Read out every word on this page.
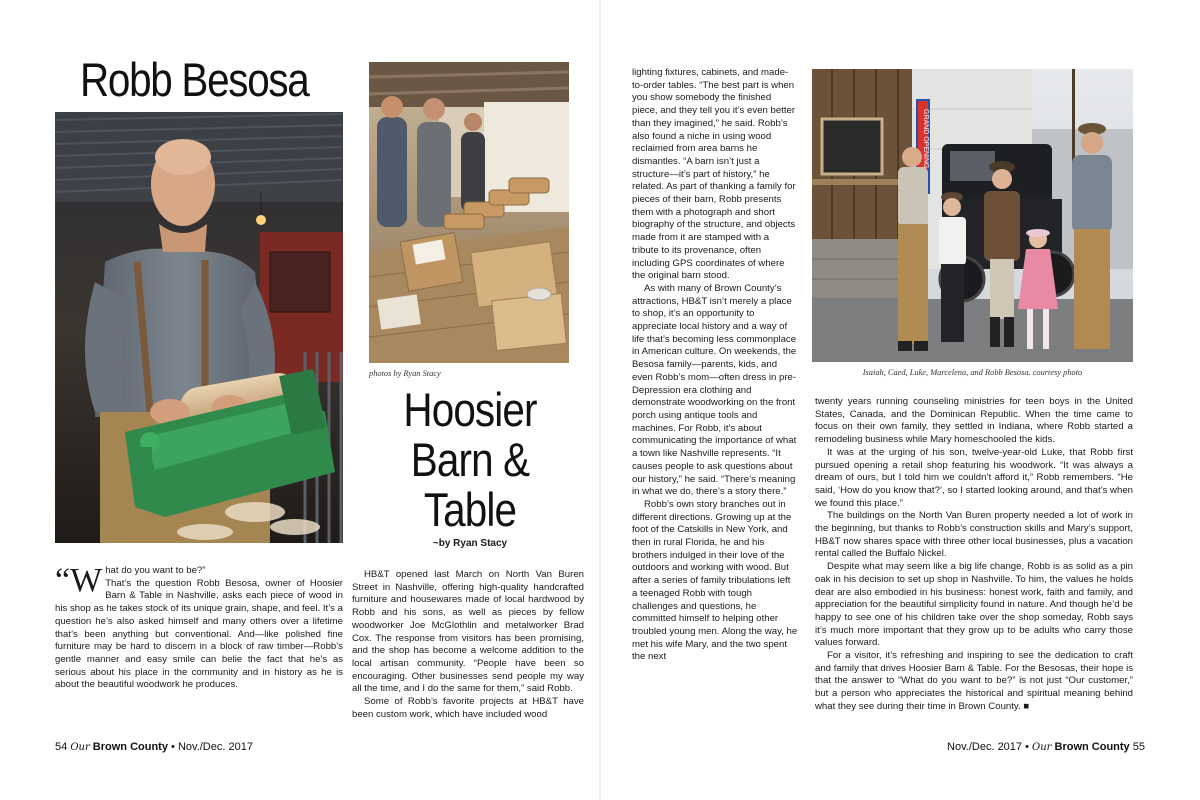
Robb Besosa
photos by Ryan Stacy
Hoosier
Barn &
Table
~by Ryan Stacy

“What do you want to be?”
That’s the question Robb Besosa, owner of Hoosier Barn & Table in Nashville, asks each piece of wood in his shop as he takes stock of its unique grain, shape, and feel. It’s a question he’s also asked himself and many others over a lifetime that’s been anything but conventional. And—like polished fine furniture may be hard to discern in a block of raw timber—Robb’s gentle manner and easy smile can belie the fact that he’s as serious about his place in the community and in history as he is about the beautiful woodwork he produces.

HB&T opened last March on North Van Buren Street in Nashville, offering high-quality handcrafted furniture and housewares made of local hardwood by Robb and his sons, as well as pieces by fellow woodworker Joe McGlothlin and metalworker Brad Cox. The response from visitors has been promising, and the shop has become a welcome addition to the local artisan community. “People have been so encouraging. Other businesses send people my way all the time, and I do the same for them,” said Robb.

Some of Robb’s favorite projects at HB&T have been custom work, which have included wood

lighting fixtures, cabinets, and made-to-order tables. “The best part is when you show somebody the finished piece, and they tell you it’s even better than they imagined,” he said. Robb’s also found a niche in using wood reclaimed from area barns he dismantles. “A barn isn’t just a structure—it’s part of history,” he related. As part of thanking a family for pieces of their barn, Robb presents them with a photograph and short biography of the structure, and objects made from it are stamped with a tribute to its provenance, often including GPS coordinates of where the original barn stood.

As with many of Brown County’s attractions, HB&T isn’t merely a place to shop, it’s an opportunity to appreciate local history and a way of life that’s becoming less commonplace in American culture. On weekends, the Besosa family—parents, kids, and even Robb’s mom—often dress in pre-Depression era clothing and demonstrate woodworking on the front porch using antique tools and machines. For Robb, it’s about communicating the importance of what a town like Nashville represents. “It causes people to ask questions about our history,” he said. “There’s meaning in what we do, there’s a story there.”

Robb’s own story branches out in different directions. Growing up at the foot of the Catskills in New York, and then in rural Florida, he and his brothers indulged in their love of the outdoors and working with wood. But after a series of family tribulations left a teenaged Robb with tough challenges and questions, he committed himself to helping other troubled young men. Along the way, he met his wife Mary, and the two spent the next

54 Our Brown County • Nov./Dec. 2017
GRAND OPENING
Isaiah, Caed, Luke, Marcelena, and Robb Besosa. courtesy photo

twenty years running counseling ministries for teen boys in the United States, Canada, and the Dominican Republic. When the time came to focus on their own family, they settled in Indiana, where Robb started a remodeling business while Mary homeschooled the kids.

It was at the urging of his son, twelve-year-old Luke, that Robb first pursued opening a retail shop featuring his woodwork. “It was always a dream of ours, but I told him we couldn’t afford it,” Robb remembers. “He said, ‘How do you know that?’, so I started looking around, and that’s when we found this place.”

The buildings on the North Van Buren property needed a lot of work in the beginning, but thanks to Robb’s construction skills and Mary’s support, HB&T now shares space with three other local businesses, plus a vacation rental called the Buffalo Nickel.

Despite what may seem like a big life change, Robb is as solid as a pin oak in his decision to set up shop in Nashville. To him, the values he holds dear are also embodied in his business: honest work, faith and family, and appreciation for the beautiful simplicity found in nature. And though he’d be happy to see one of his children take over the shop someday, Robb says it’s much more important that they grow up to be adults who carry those values forward.

For a visitor, it’s refreshing and inspiring to see the dedication to craft and family that drives Hoosier Barn & Table. For the Besosas, their hope is that the answer to “What do you want to be?” is not just “Our customer,” but a person who appreciates the historical and spiritual meaning behind what they see during their time in Brown County. ■

Nov./Dec. 2017 • Our Brown County 55
